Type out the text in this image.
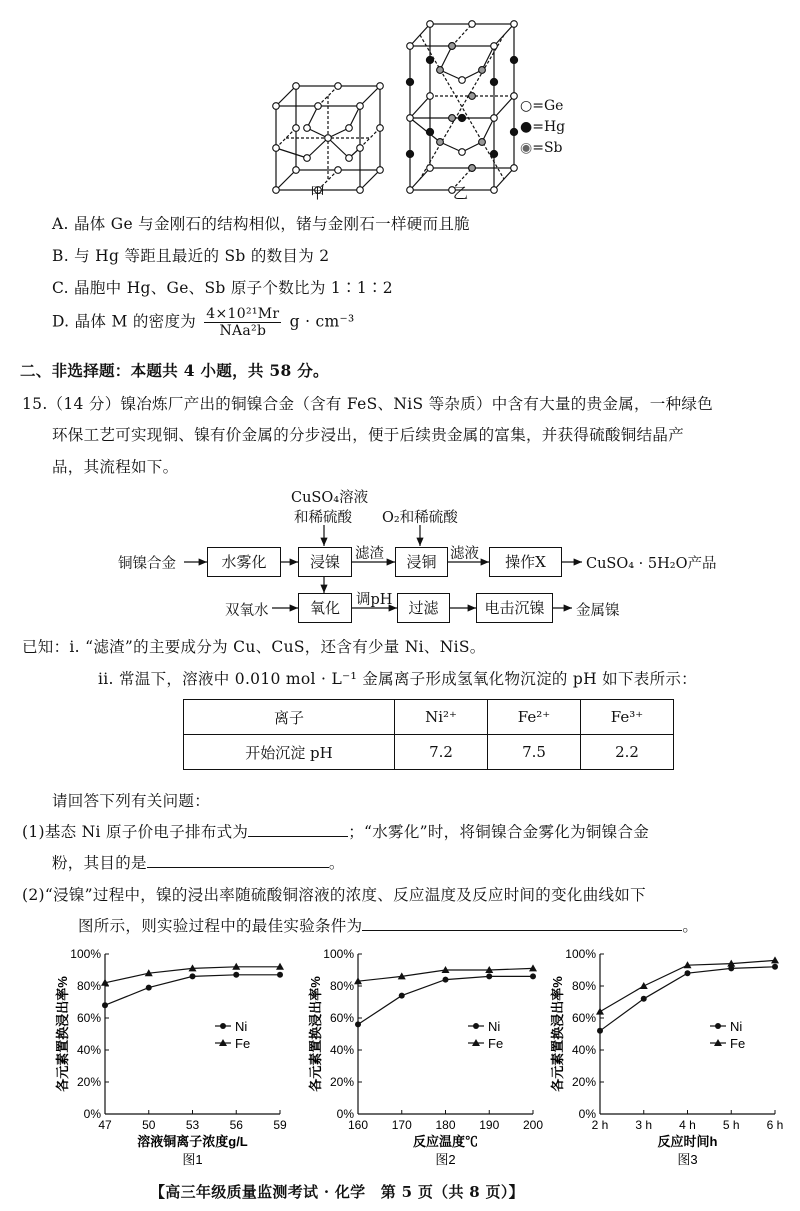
甲	乙
○=Ge
●=Hg
◉=Sb
A. 晶体 Ge 与金刚石的结构相似，锗与金刚石一样硬而且脆
B. 与 Hg 等距且最近的 Sb 的数目为 2
C. 晶胞中 Hg、Ge、Sb 原子个数比为 1∶1∶2
D. 晶体 M 的密度为 $\frac{\text{4×10²¹Mr}}{\text{NAa²b}}$ g · cm⁻³
二、非选择题：本题共 4 小题，共 58 分。
15.（14 分）镍冶炼厂产出的铜镍合金（含有 FeS、NiS 等杂质）中含有大量的贵金属，一种绿色
环保工艺可实现铜、镍有价金属的分步浸出，便于后续贵金属的富集，并获得硫酸铜结晶产
品，其流程如下。
CuSO₄溶液
和稀硫酸 O₂和稀硫酸
铜镍合金	水雾化	浸镍	滤渣	浸铜 滤液	操作X	CuSO₄ · 5H₂O产品
双氧水	氧化	调pH	过滤	电击沉镍	金属镍
已知：i. “滤渣”的主要成分为 Cu、CuS，还含有少量 Ni、NiS。
ii. 常温下，溶液中 0.010 mol · L⁻¹ 金属离子形成氢氧化物沉淀的 pH 如下表所示：
离子	Ni²⁺	Fe²⁺	Fe³⁺
开始沉淀 pH	7.2	7.5	2.2
请回答下列有关问题：
(1)基态 Ni 原子价电子排布式为	；“水雾化”时，将铜镍合金雾化为铜镍合金
粉，其目的是	。
(2)“浸镍”过程中，镍的浸出率随硫酸铜溶液的浓度、反应温度及反应时间的变化曲线如下
图所示，则实验过程中的最佳实验条件为	。
0%
20%
40%
60%
80%
100%
47	50	53	56	59
溶液铜离子浓度g/L
图1
各元素置换浸出率%	Ni
Fe
0%
20%
40%
60%
80%
100%
160 170 180 190 200
反应温度℃
图2
各元素置换浸出率%	Ni
Fe
0%
20%
40%
60%
80%
100%
2 h 3 h 4 h 5 h 6 h
反应时间h
图3
各元素置换浸出率%	Ni
Fe
【高三年级质量监测考试 · 化学　第 5 页（共 8 页）】
